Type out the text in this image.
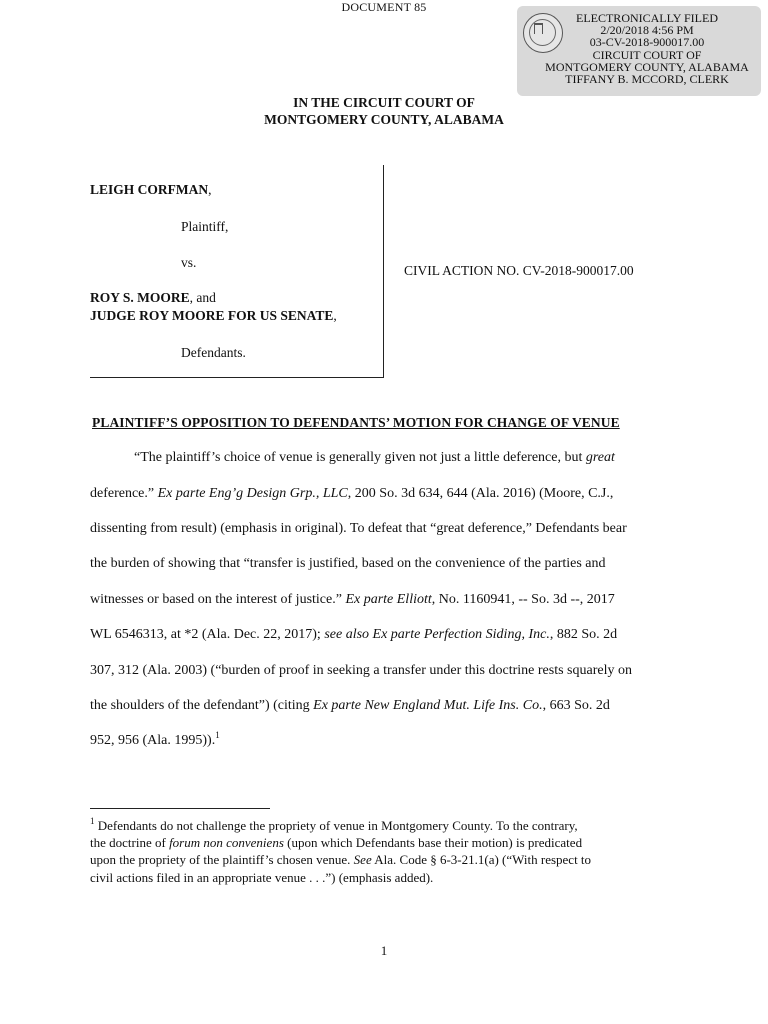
DOCUMENT 85
ELECTRONICALLY FILED
2/20/2018 4:56 PM
03-CV-2018-900017.00
CIRCUIT COURT OF
MONTGOMERY COUNTY, ALABAMA
TIFFANY B. MCCORD, CLERK
IN THE CIRCUIT COURT OF
MONTGOMERY COUNTY, ALABAMA
LEIGH CORFMAN,
Plaintiff,
vs.
ROY S. MOORE, and
JUDGE ROY MOORE FOR US SENATE,
Defendants.
CIVIL ACTION NO. CV-2018-900017.00
PLAINTIFF’S OPPOSITION TO DEFENDANTS’ MOTION FOR CHANGE OF VENUE
“The plaintiff’s choice of venue is generally given not just a little deference, but great
deference.” Ex parte Eng’g Design Grp., LLC, 200 So. 3d 634, 644 (Ala. 2016) (Moore, C.J.,
dissenting from result) (emphasis in original). To defeat that “great deference,” Defendants bear
the burden of showing that “transfer is justified, based on the convenience of the parties and
witnesses or based on the interest of justice.” Ex parte Elliott, No. 1160941, -- So. 3d --, 2017
WL 6546313, at *2 (Ala. Dec. 22, 2017); see also Ex parte Perfection Siding, Inc., 882 So. 2d
307, 312 (Ala. 2003) (“burden of proof in seeking a transfer under this doctrine rests squarely on
the shoulders of the defendant”) (citing Ex parte New England Mut. Life Ins. Co., 663 So. 2d
952, 956 (Ala. 1995)).$^1$
$^1$ Defendants do not challenge the propriety of venue in Montgomery County. To the contrary,
the doctrine of forum non conveniens (upon which Defendants base their motion) is predicated
upon the propriety of the plaintiff’s chosen venue. See Ala. Code § 6-3-21.1(a) (“With respect to
civil actions filed in an appropriate venue . . .”) (emphasis added).
1
